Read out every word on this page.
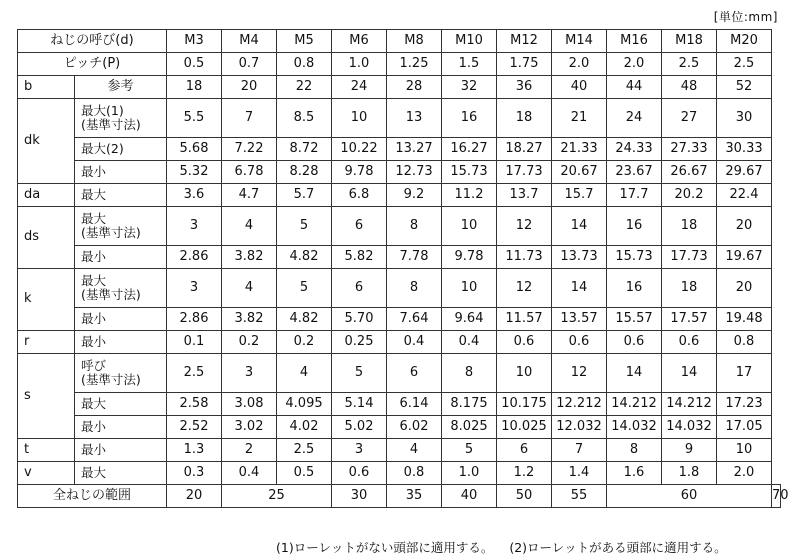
[単位:mm]
ねじの呼び(d)		M3	M4	M5	M6	M8	M10	M12	M14	M16	M18	M20	
ピッチ(P)		0.5	0.7	0.8	1.0	1.25	1.5	1.75	2.0	2.0	2.5	2.5	
b	参考	18	20	22	24	28	32	36	40	44	48	52	
dk	最大(1)
(基準寸法)	5.5	7	8.5	10	13	16	18	21	24	27	30	
	最大(2)	5.68	7.22	8.72	10.22	13.27	16.27	18.27	21.33	24.33	27.33	30.33	
	最小	5.32	6.78	8.28	9.78	12.73	15.73	17.73	20.67	23.67	26.67	29.67	
da	最大	3.6	4.7	5.7	6.8	9.2	11.2	13.7	15.7	17.7	20.2	22.4	
ds	最大
(基準寸法)	3	4	5	6	8	10	12	14	16	18	20	
	最小	2.86	3.82	4.82	5.82	7.78	9.78	11.73	13.73	15.73	17.73	19.67	
k	最大
(基準寸法)	3	4	5	6	8	10	12	14	16	18	20	
	最小	2.86	3.82	4.82	5.70	7.64	9.64	11.57	13.57	15.57	17.57	19.48	
r	最小	0.1	0.2	0.2	0.25	0.4	0.4	0.6	0.6	0.6	0.6	0.8	
s	呼び
(基準寸法)	2.5	3	4	5	6	8	10	12	14	14	17	
	最大	2.58	3.08	4.095	5.14	6.14	8.175	10.175	12.212	14.212	14.212	17.23	
	最小	2.52	3.02	4.02	5.02	6.02	8.025	10.025	12.032	14.032	14.032	17.05	
t	最小	1.3	2	2.5	3	4	5	6	7	8	9	10	
v	最大	0.3	0.4	0.5	0.6	0.8	1.0	1.2	1.4	1.6	1.8	2.0	
全ねじの範囲		20	25		30	35	40	50	55	60			70
(1)ローレットがない頭部に適用する。 (2)ローレットがある頭部に適用する。
